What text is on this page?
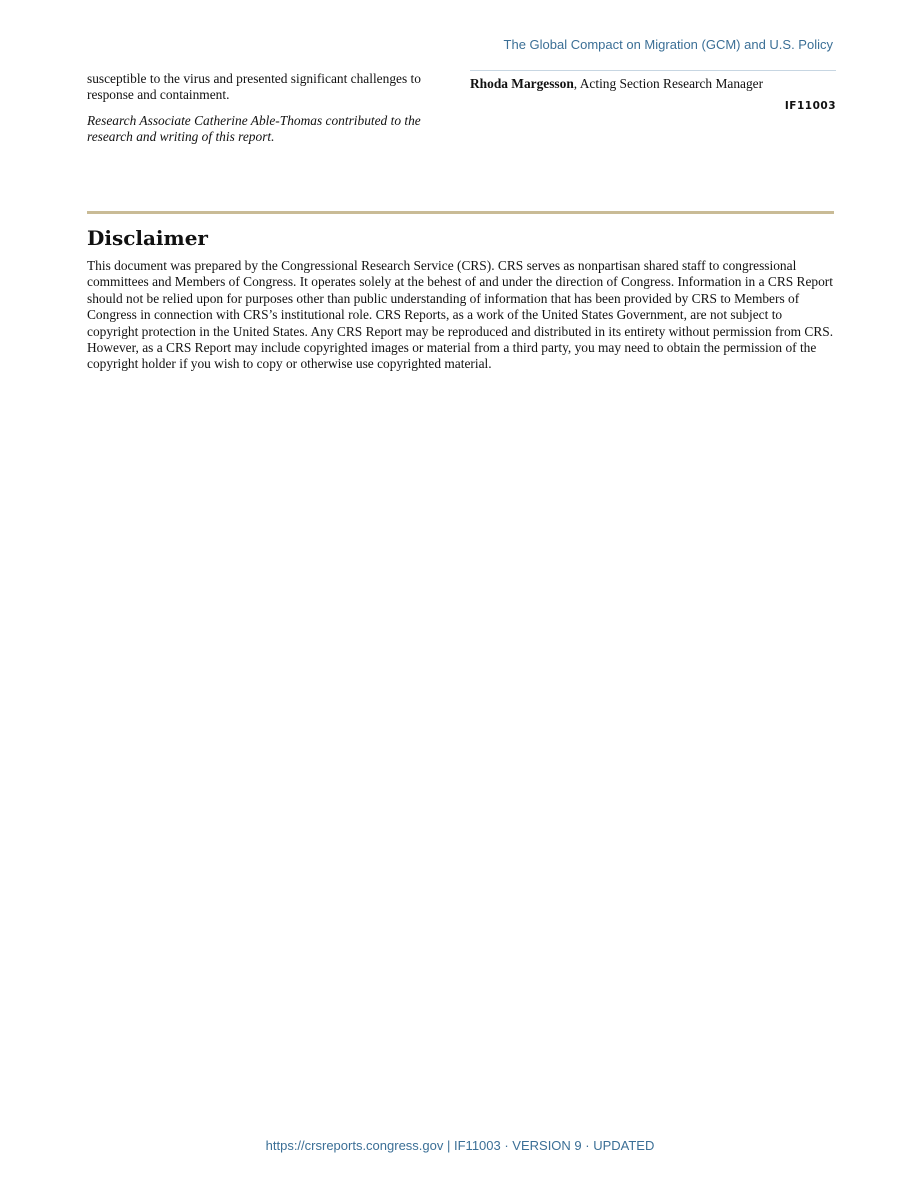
The Global Compact on Migration (GCM) and U.S. Policy

susceptible to the virus and presented significant challenges to response and containment.

Research Associate Catherine Able-Thomas contributed to the research and writing of this report.

Rhoda Margesson, Acting Section Research Manager
IF11003
Disclaimer

This document was prepared by the Congressional Research Service (CRS). CRS serves as nonpartisan shared staff to congressional committees and Members of Congress. It operates solely at the behest of and under the direction of Congress. Information in a CRS Report should not be relied upon for purposes other than public understanding of information that has been provided by CRS to Members of Congress in connection with CRS’s institutional role. CRS Reports, as a work of the United States Government, are not subject to copyright protection in the United States. Any CRS Report may be reproduced and distributed in its entirety without permission from CRS. However, as a CRS Report may include copyrighted images or material from a third party, you may need to obtain the permission of the copyright holder if you wish to copy or otherwise use copyrighted material.

https://crsreports.congress.gov | IF11003 · VERSION 9 · UPDATED
